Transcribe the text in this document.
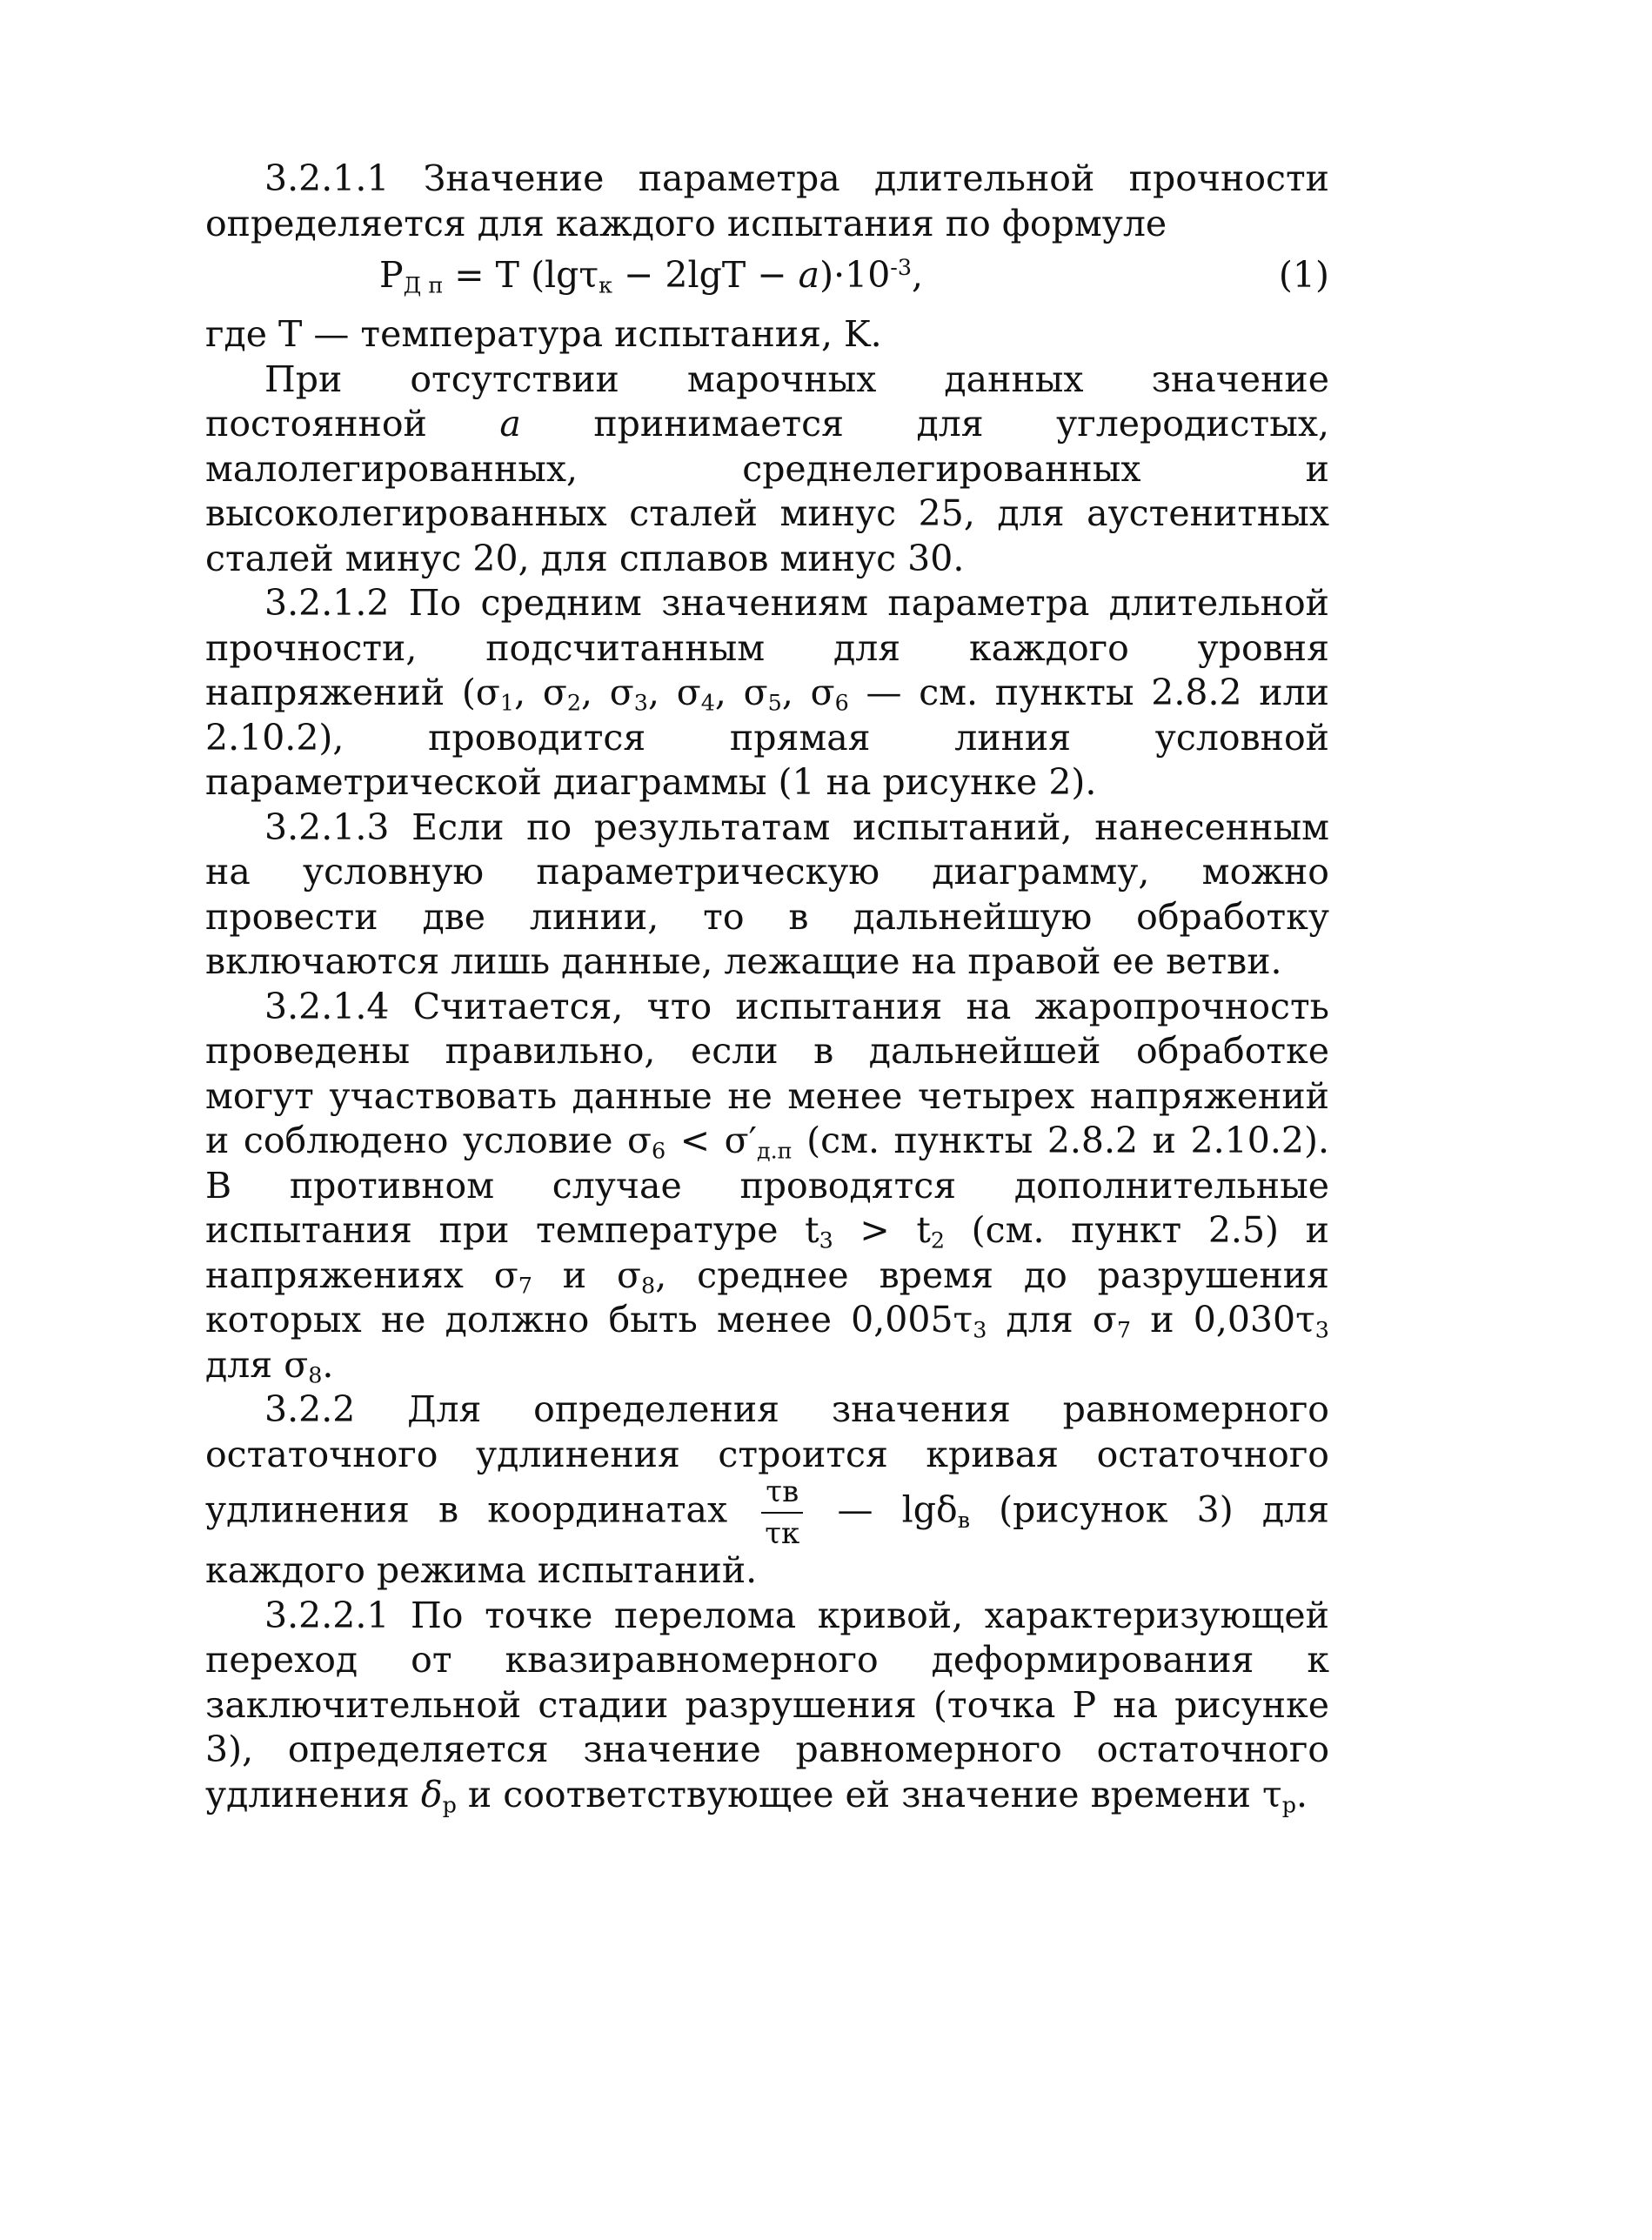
3.2.1.1 Значение параметра длительной прочности определяется для каждого испытания по формуле

$P_{Д п} = T$ $(\lg\tau_к - 2\lg T - a)\cdot 10^{-3}$,	(1)

где T — температура испытания, K.

При отсутствии марочных данных значение постоянной a принимается для углеродистых, малолегированных, среднелегированных и высоколегированных сталей минус 25, для аустенитных сталей минус 20, для сплавов минус 30.

3.2.1.2 По средним значениям параметра длительной прочности, подсчитанным для каждого уровня напряжений ($\sigma_1$, $\sigma_2$, $\sigma_3$, $\sigma_4$, $\sigma_5$, $\sigma_6$ — см. пункты 2.8.2 или 2.10.2), проводится прямая линия условной параметрической диаграммы (1 на рисунке 2).

3.2.1.3 Если по результатам испытаний, нанесенным на условную параметрическую диаграмму, можно провести две линии, то в дальнейшую обработку включаются лишь данные, лежащие на правой ее ветви.

3.2.1.4 Считается, что испытания на жаропрочность проведены правильно, если в дальнейшей обработке могут участвовать данные не менее четырех напряжений и соблюдено условие $\sigma_6 < \sigma'_{д.п}$ (см. пункты 2.8.2 и 2.10.2). В противном случае проводятся дополнительные испытания при температуре $t_3 > t_2$ (см. пункт 2.5) и напряжениях $\sigma_7$ и $\sigma_8$, среднее время до разрушения которых не должно быть менее $0,005\tau_3$ для $\sigma_7$ и $0,030\tau_3$ для $\sigma_8$.

3.2.2 Для определения значения равномерного остаточного удлинения строится кривая остаточного удлинения в координатах $\frac{\tau в}{\tau к}$ — lgδ$_в$ (рисунок 3) для каждого режима испытаний.

3.2.2.1 По точке перелома кривой, характеризующей переход от квазиравномерного деформирования к заключительной стадии разрушения (точка P на рисунке 3), определяется значение равномерного остаточного удлинения $\delta_p$ и соответствующее ей значение времени $\tau_p$.
